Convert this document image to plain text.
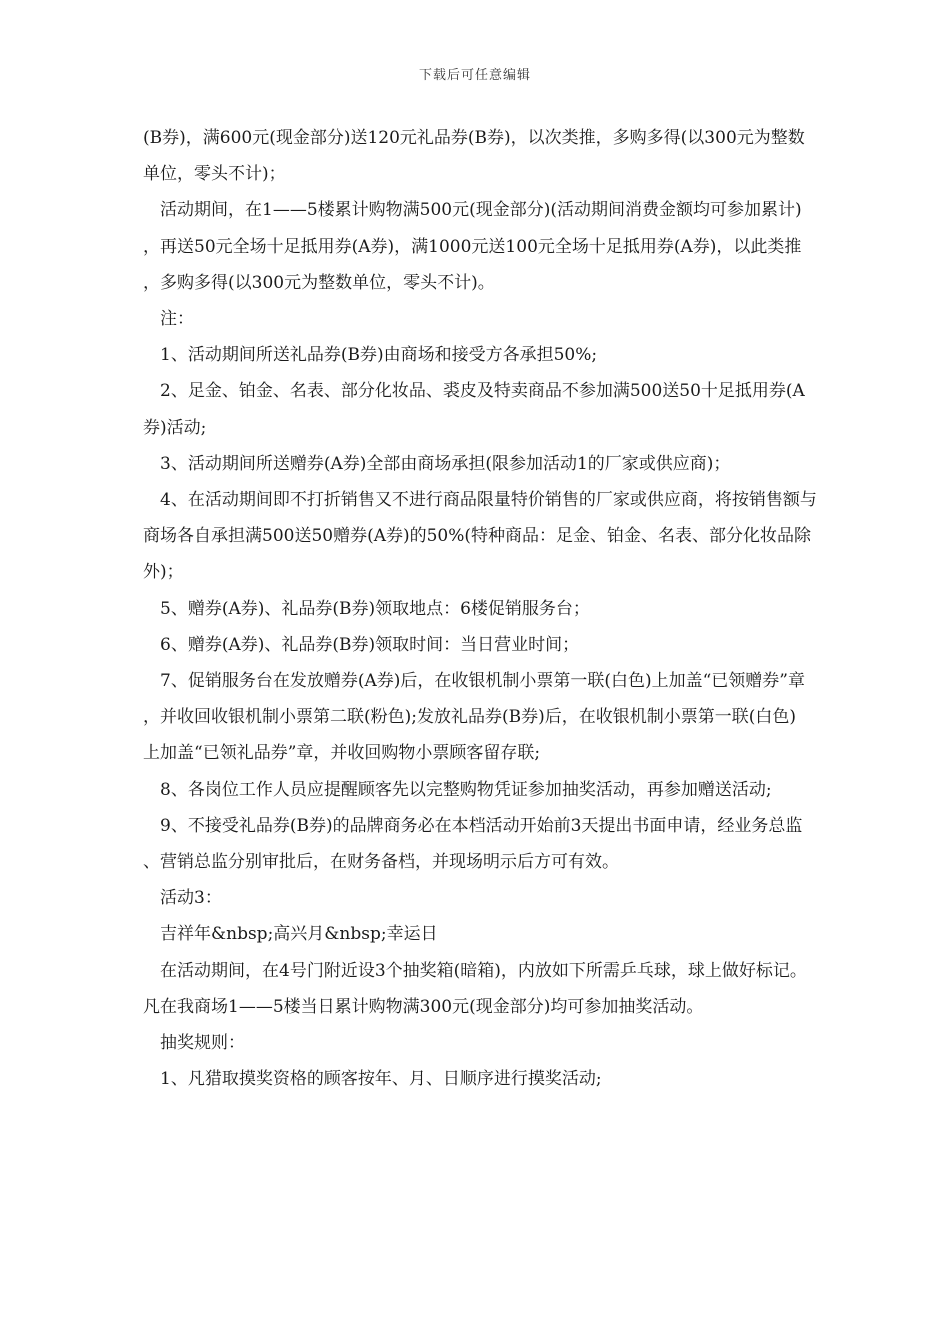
下载后可任意编辑

(B券)，满600元(现金部分)送120元礼品券(B券)，以次类推，多购多得(以300元为整数单位，零头不计)；

活动期间，在1——5楼累计购物满500元(现金部分)(活动期间消费金额均可参加累计)，再送50元全场十足抵用券(A券)，满1000元送100元全场十足抵用券(A券)，以此类推，多购多得(以300元为整数单位，零头不计)。

注：

1、活动期间所送礼品券(B券)由商场和接受方各承担50%;

2、足金、铂金、名表、部分化妆品、裘皮及特卖商品不参加满500送50十足抵用券(A券)活动;

3、活动期间所送赠券(A券)全部由商场承担(限参加活动1的厂家或供应商)；

4、在活动期间即不打折销售又不进行商品限量特价销售的厂家或供应商，将按销售额与商场各自承担满500送50赠券(A券)的50%(特种商品：足金、铂金、名表、部分化妆品除外)；

5、赠券(A券)、礼品券(B券)领取地点：6楼促销服务台；

6、赠券(A券)、礼品券(B券)领取时间：当日营业时间；

7、促销服务台在发放赠券(A券)后，在收银机制小票第一联(白色)上加盖“已领赠券”章，并收回收银机制小票第二联(粉色);发放礼品券(B券)后，在收银机制小票第一联(白色)上加盖“已领礼品券”章，并收回购物小票顾客留存联;

8、各岗位工作人员应提醒顾客先以完整购物凭证参加抽奖活动，再参加赠送活动;

9、不接受礼品券(B券)的品牌商务必在本档活动开始前3天提出书面申请，经业务总监、营销总监分别审批后，在财务备档，并现场明示后方可有效。

活动3：

吉祥年&nbsp;高兴月&nbsp;幸运日

在活动期间，在4号门附近设3个抽奖箱(暗箱)，内放如下所需乒乓球，球上做好标记。凡在我商场1——5楼当日累计购物满300元(现金部分)均可参加抽奖活动。

抽奖规则：

1、凡猎取摸奖资格的顾客按年、月、日顺序进行摸奖活动;
